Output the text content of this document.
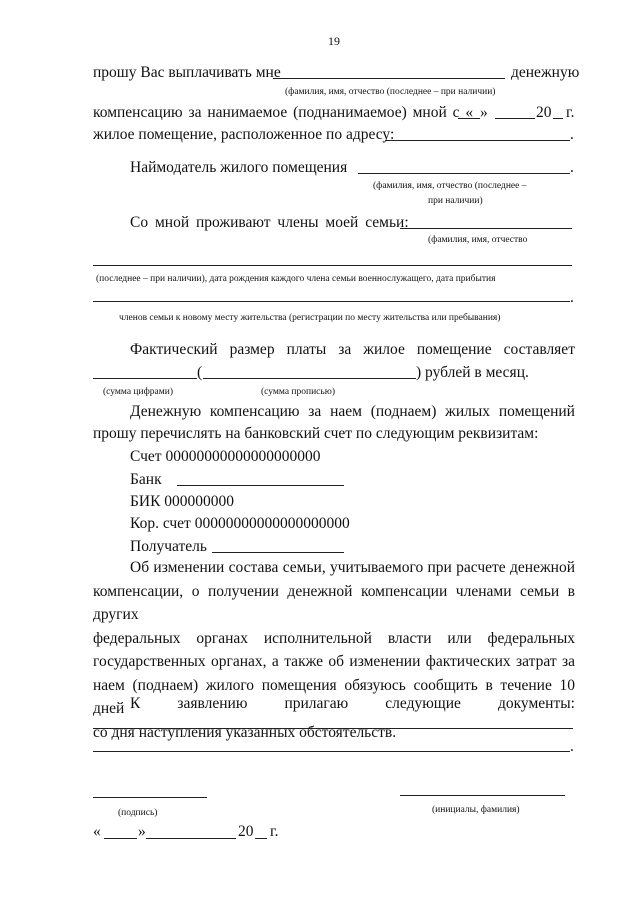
19
прошу Вас выплачивать мне	денежную
(фамилия, имя, отчество (последнее – при наличии)
компенсацию за нанимаемое (поднанимаемое) мной с « »	20 г.
жилое помещение, расположенное по адресу:	.
Наймодатель жилого помещения	.
(фамилия, имя, отчество (последнее –
при наличии)
Со мной проживают члены моей семьи:
(фамилия, имя, отчество
(последнее – при наличии), дата рождения каждого члена семьи военнослужащего, дата прибытия
.
членов семьи к новому месту жительства (регистрации по месту жительства или пребывания)
Фактический размер платы за жилое помещение составляет
(	) рублей в месяц.
(сумма цифрами)	(сумма прописью)
Денежную компенсацию за наем (поднаем) жилых помещений
прошу перечислять на банковский счет по следующим реквизитам:
Счет 00000000000000000000
Банк
БИК 000000000
Кор. счет 00000000000000000000
Получатель
Об изменении состава семьи, учитываемого при расчете денежной
компенсации, о получении денежной компенсации членами семьи в других
федеральных органах исполнительной власти или федеральных
государственных органах, а также об изменении фактических затрат за
наем (поднаем) жилого помещения обязуюсь сообщить в течение 10 дней
со дня наступления указанных обстоятельств.
К заявлению прилагаю следующие документы:
.
(подпись)	(инициалы, фамилия)
« »	20 г.
